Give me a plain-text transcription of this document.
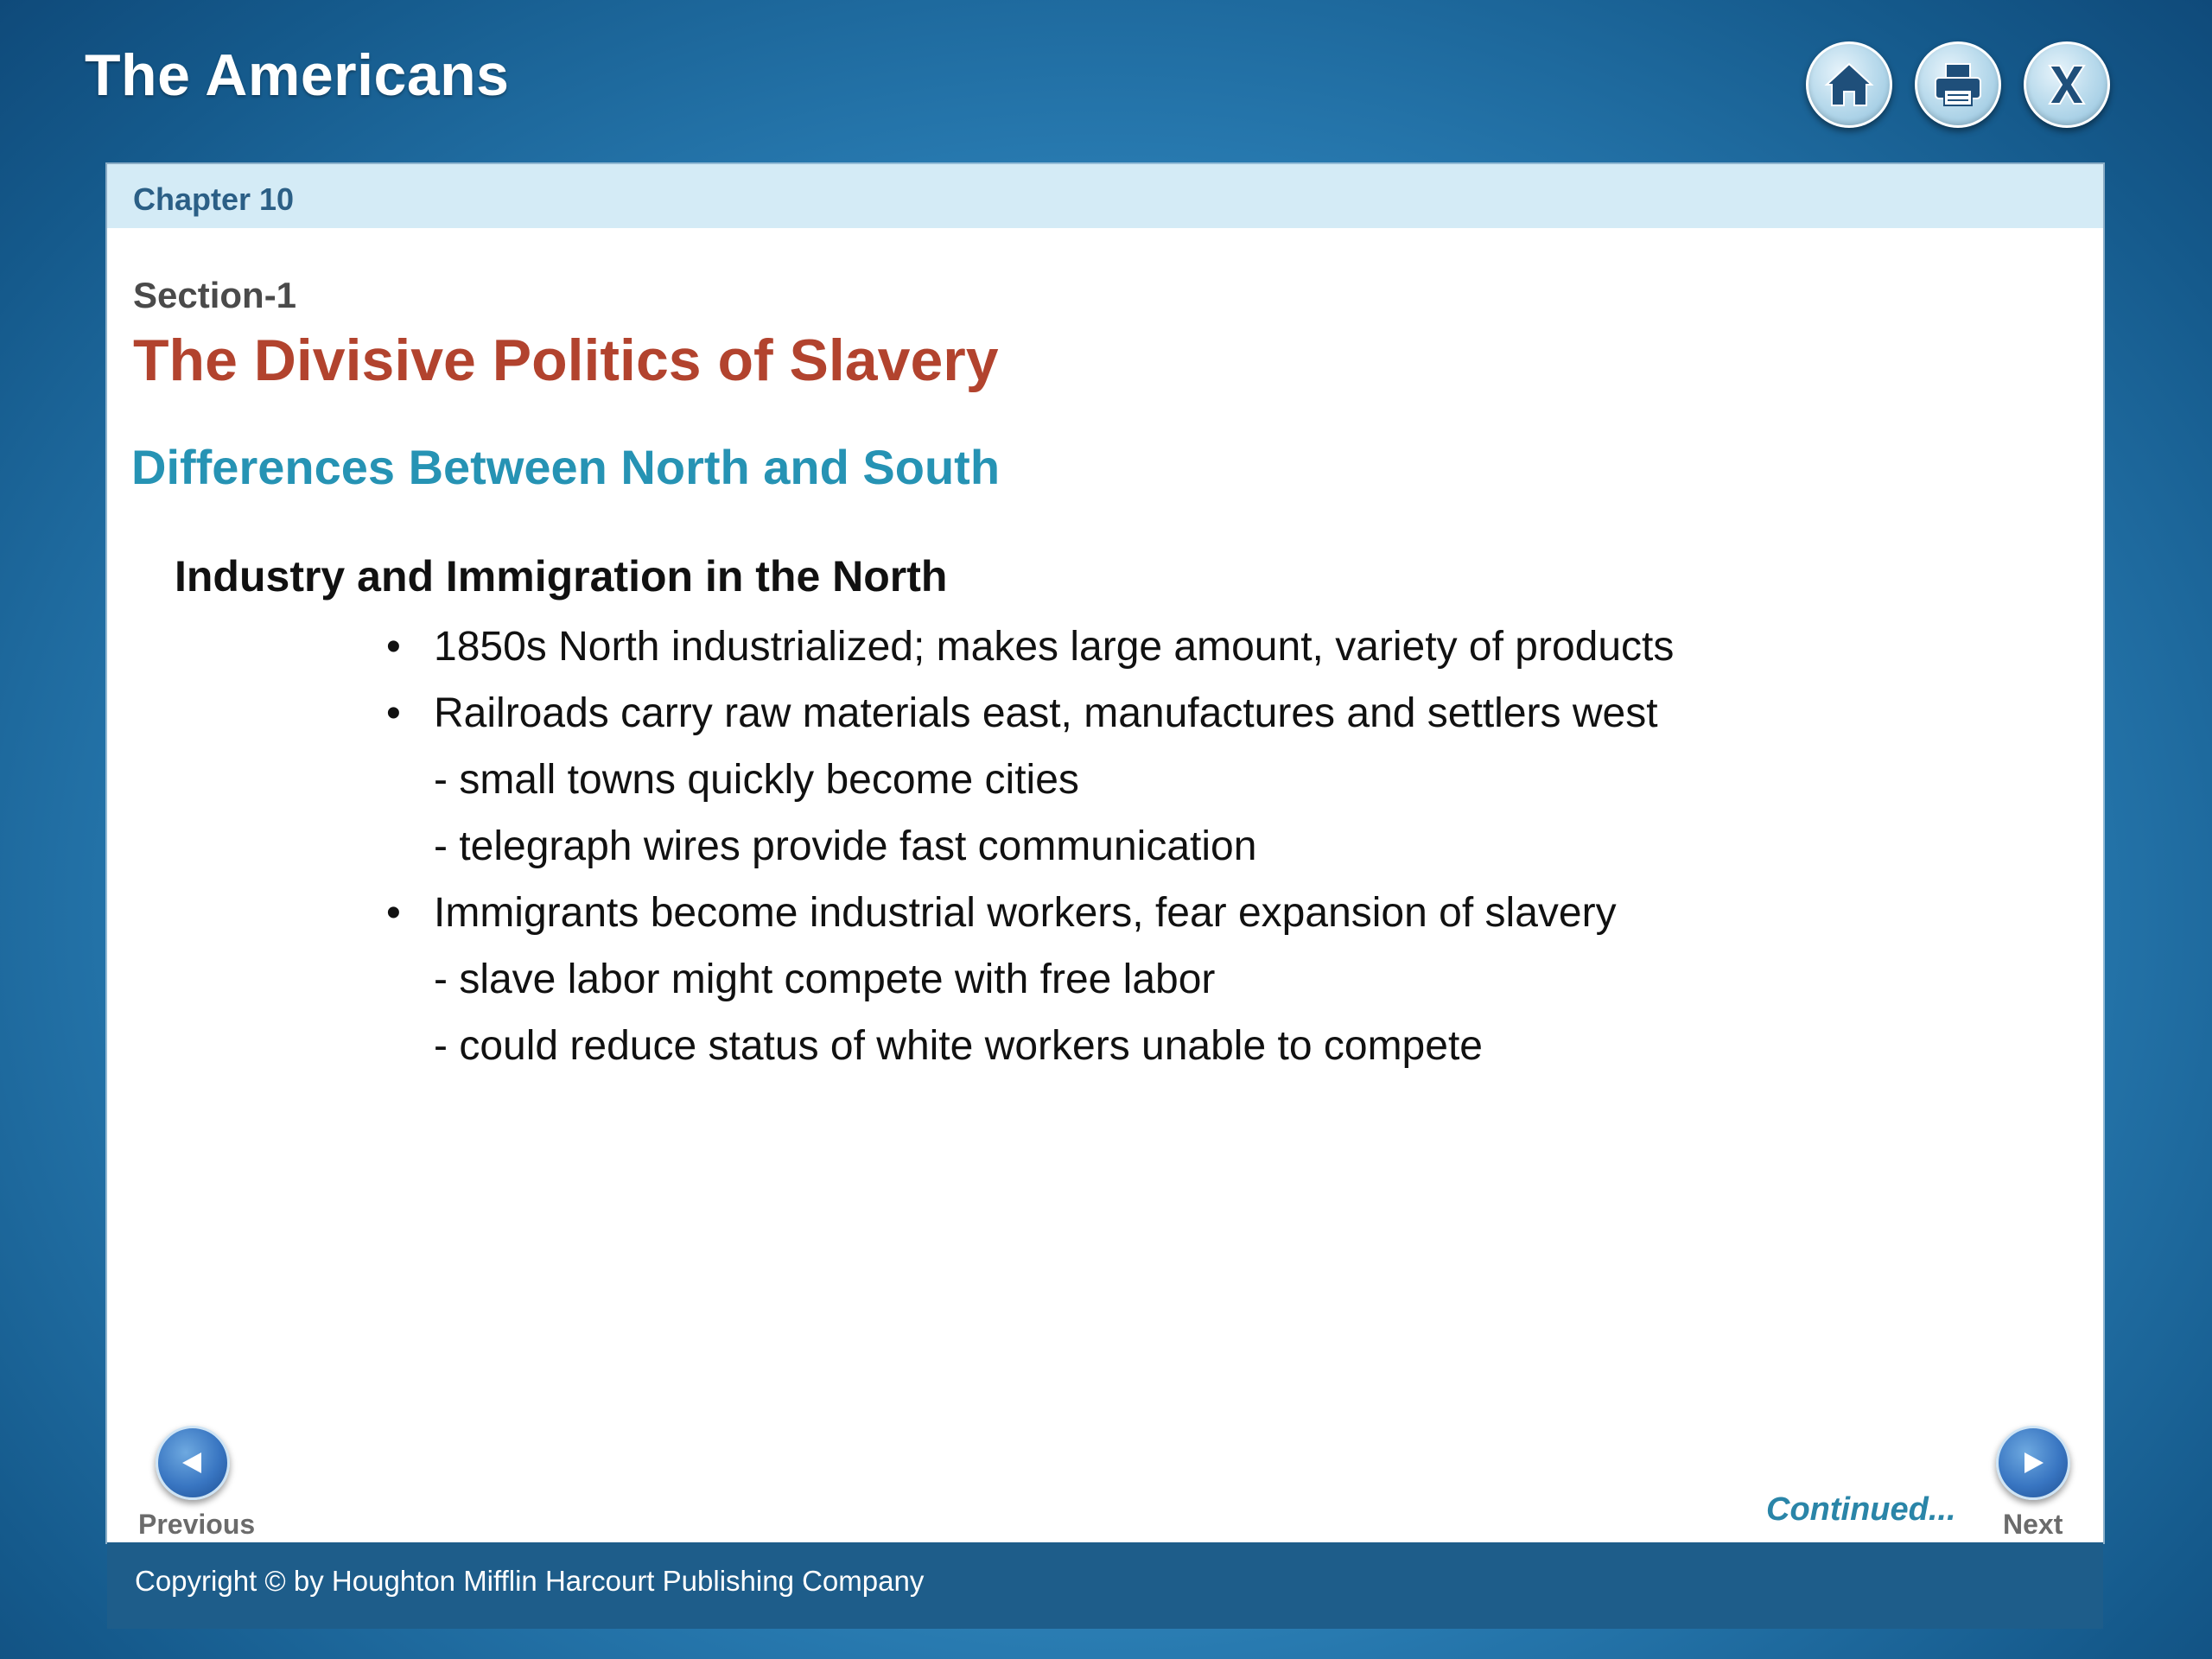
The Americans
Chapter 10
Section-1
The Divisive Politics of Slavery
Differences Between North and South
Industry and Immigration in the North
• 1850s North industrialized; makes large amount, variety of products
• Railroads carry raw materials east, manufactures and settlers west
- small towns quickly become cities
- telegraph wires provide fast communication
• Immigrants become industrial workers, fear expansion of slavery
- slave labor might compete with free labor
- could reduce status of white workers unable to compete
Previous	Continued... Next
Copyright © by Houghton Mifflin Harcourt Publishing Company
